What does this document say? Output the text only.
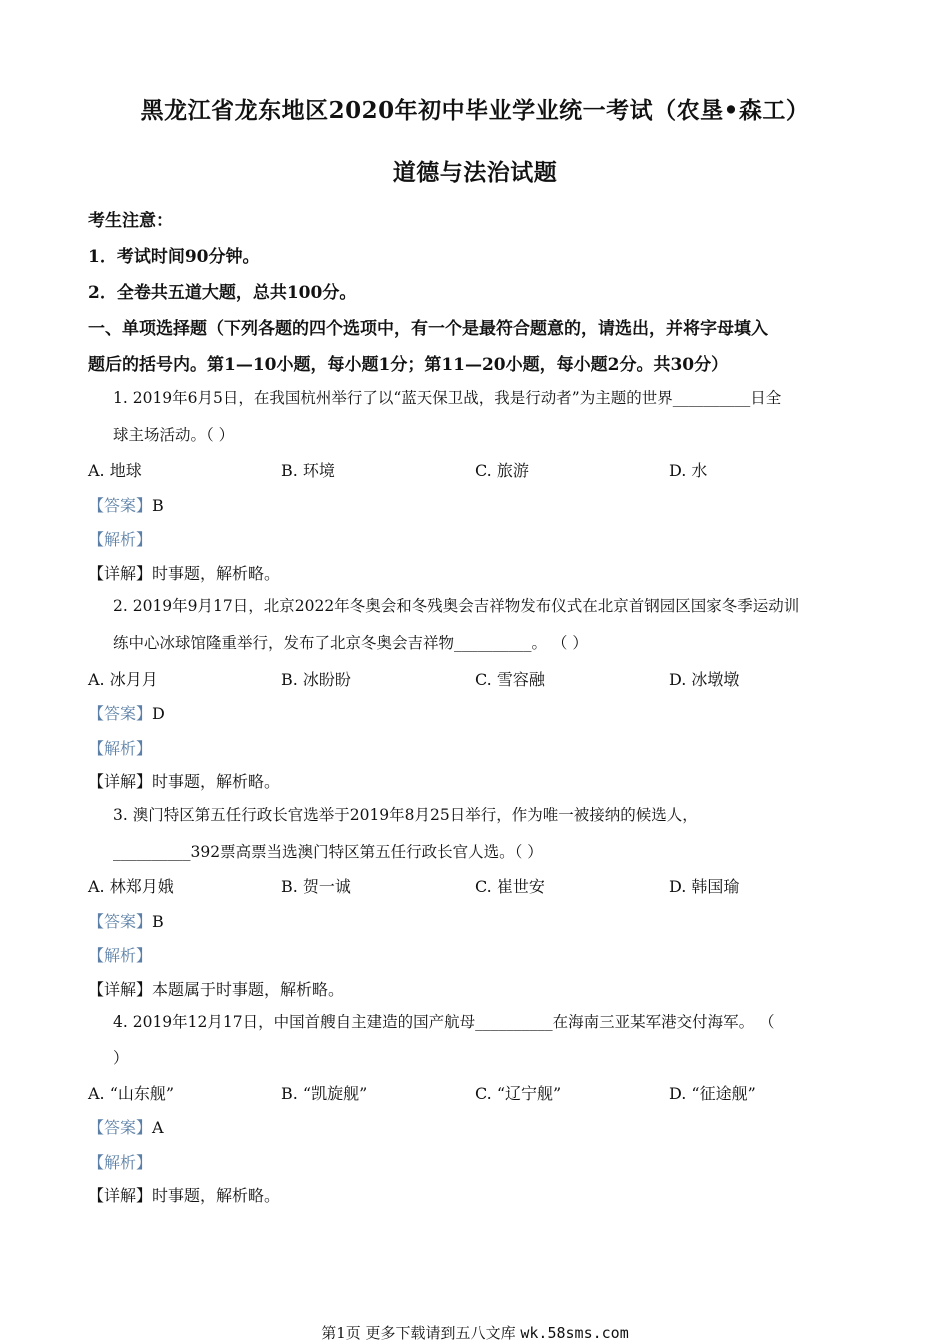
黑龙江省龙东地区2020年初中毕业学业统一考试（农垦•森工）
道德与法治试题
考生注意：
1．考试时间90分钟。
2．全卷共五道大题，总共100分。
一、单项选择题（下列各题的四个选项中，有一个是最符合题意的，请选出，并将字母填入
题后的括号内。第1—10小题，每小题1分；第11—20小题，每小题2分。共30分）
1. 2019年6月5日，在我国杭州举行了以“蓝天保卫战，我是行动者”为主题的世界__________日全
球主场活动。（ ）
A. 地球	B. 环境	C. 旅游	D. 水
【答案】B
【解析】
【详解】时事题，解析略。
2. 2019年9月17日，北京2022年冬奥会和冬残奥会吉祥物发布仪式在北京首钢园区国家冬季运动训
练中心冰球馆隆重举行，发布了北京冬奥会吉祥物__________。 （ ）
A. 冰月月	B. 冰盼盼	C. 雪容融	D. 冰墩墩
【答案】D
【解析】
【详解】时事题，解析略。
3. 澳门特区第五任行政长官选举于2019年8月25日举行，作为唯一被接纳的候选人，
__________392票高票当选澳门特区第五任行政长官人选。（ ）
A. 林郑月娥	B. 贺一诚	C. 崔世安	D. 韩国瑜
【答案】B
【解析】
【详解】本题属于时事题，解析略。
4. 2019年12月17日，中国首艘自主建造的国产航母__________在海南三亚某军港交付海军。 （
）
A. “山东舰”	B. “凯旋舰”	C. “辽宁舰”	D. “征途舰”
【答案】A
【解析】
【详解】时事题，解析略。
第1页 更多下载请到五八文库 wk.58sms.com
